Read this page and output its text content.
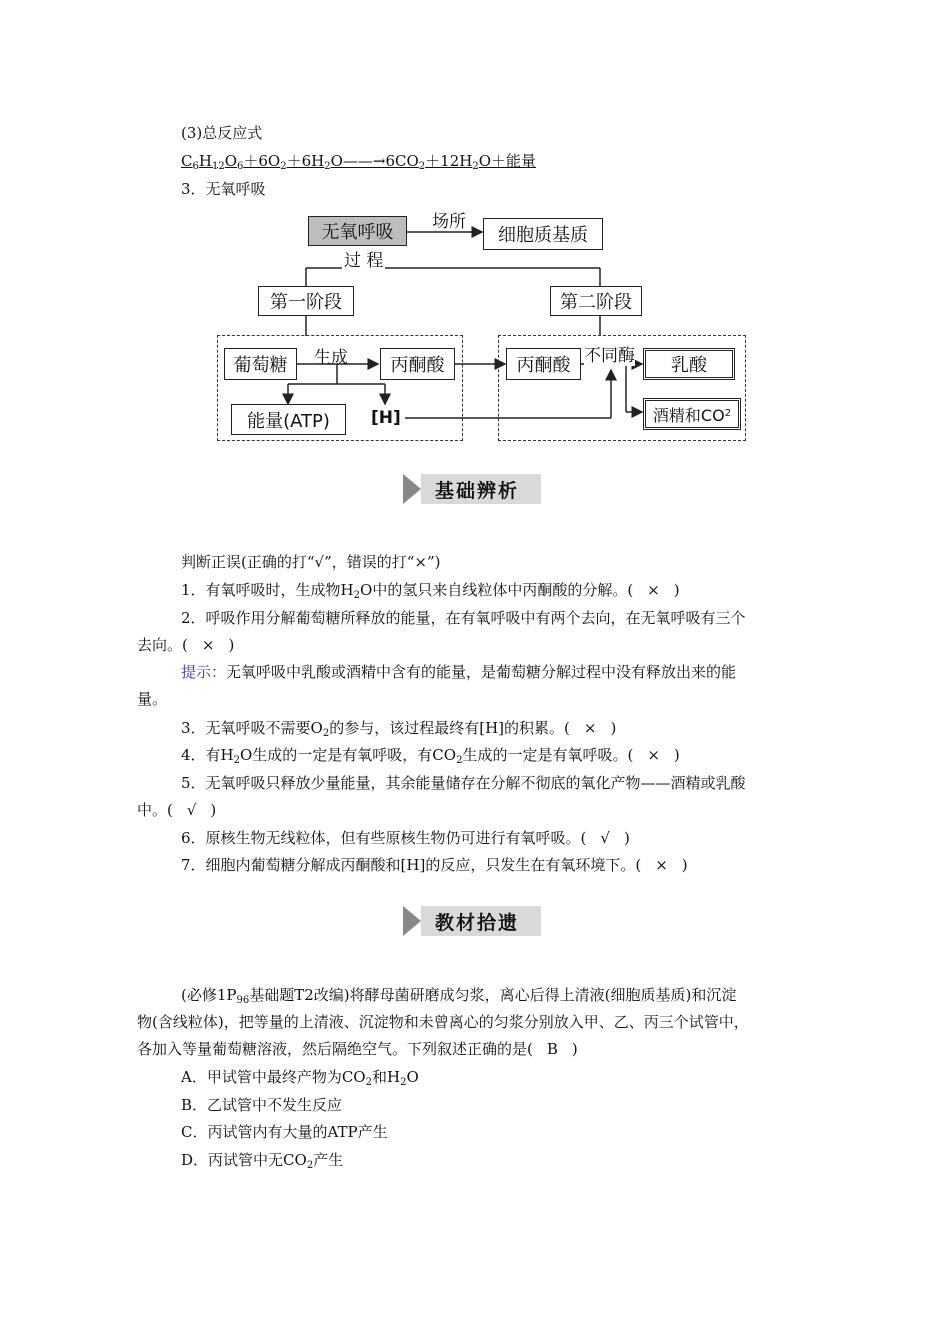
(3)总反应式
$C_6H_{12}O_6+6O_2+6H_2O——\to 6CO_2+12H_2O+$能量
3．无氧呼吸
无氧呼吸 场所
细胞质基质
过 程
第一阶段	第二阶段
葡萄糖 生成 丙酮酸
能量(ATP) [H]
丙酮酸 不同酶 乳酸
酒精和CO 2
基础辨析
判断正误(正确的打“√”，错误的打“×”)
1．有氧呼吸时，生成物$H_2O$中的氢只来自线粒体中丙酮酸的分解。( × )
2．呼吸作用分解葡萄糖所释放的能量，在有氧呼吸中有两个去向，在无氧呼吸有三个
去向。( × )
提示：无氧呼吸中乳酸或酒精中含有的能量，是葡萄糖分解过程中没有释放出来的能
量。
3．无氧呼吸不需要$O_2$的参与，该过程最终有[H]的积累。( × )
4．有$H_2O$生成的一定是有氧呼吸，有$CO_2$生成的一定是有氧呼吸。( × )
5．无氧呼吸只释放少量能量，其余能量储存在分解不彻底的氧化产物——酒精或乳酸
中。( √ )
6．原核生物无线粒体，但有些原核生物仍可进行有氧呼吸。( √ )
7．细胞内葡萄糖分解成丙酮酸和[H]的反应，只发生在有氧环境下。( × )
教材拾遗
(必修$1P_{96}$基础题T2改编)将酵母菌研磨成匀浆，离心后得上清液(细胞质基质)和沉淀
物(含线粒体)，把等量的上清液、沉淀物和未曾离心的匀浆分别放入甲、乙、丙三个试管中，
各加入等量葡萄糖溶液，然后隔绝空气。下列叙述正确的是( B )
A．甲试管中最终产物为$CO_2$和$H_2O$
B．乙试管中不发生反应
C．丙试管内有大量的ATP产生
D．丙试管中无$CO_2$产生
